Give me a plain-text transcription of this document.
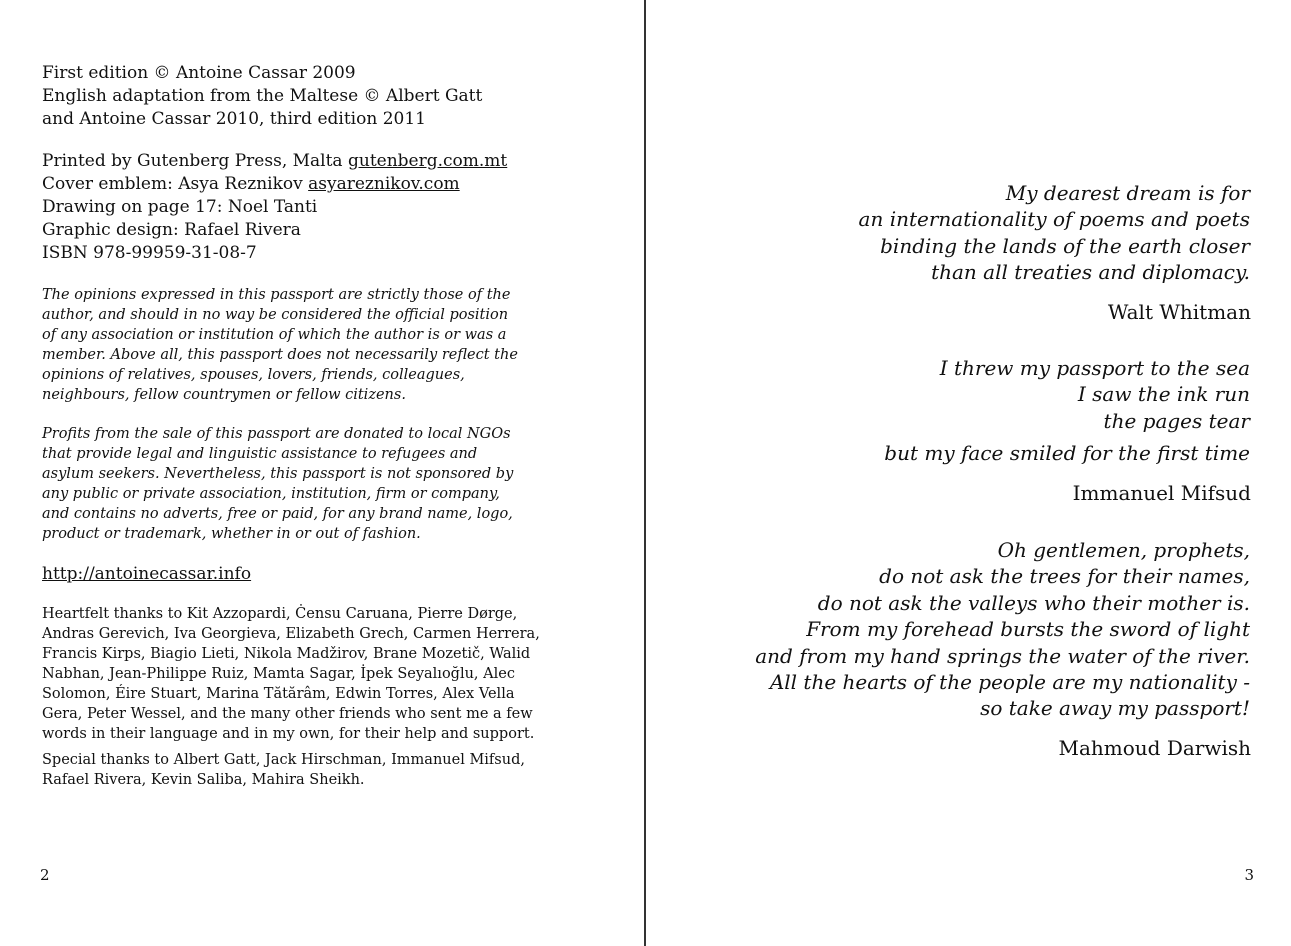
First edition © Antoine Cassar 2009
English adaptation from the Maltese © Albert Gatt
and Antoine Cassar 2010, third edition 2011
Printed by Gutenberg Press, Malta gutenberg.com.mt
Cover emblem: Asya Reznikov asyareznikov.com
Drawing on page 17: Noel Tanti
Graphic design: Rafael Rivera
ISBN 978-99959-31-08-7
The opinions expressed in this passport are strictly those of the
author, and should in no way be considered the official position
of any association or institution of which the author is or was a
member. Above all, this passport does not necessarily reflect the
opinions of relatives, spouses, lovers, friends, colleagues,
neighbours, fellow countrymen or fellow citizens.
Profits from the sale of this passport are donated to local NGOs
that provide legal and linguistic assistance to refugees and
asylum seekers. Nevertheless, this passport is not sponsored by
any public or private association, institution, firm or company,
and contains no adverts, free or paid, for any brand name, logo,
product or trademark, whether in or out of fashion.
http://antoinecassar.info
Heartfelt thanks to Kit Azzopardi, Ċensu Caruana, Pierre Dørge,
Andras Gerevich, Iva Georgieva, Elizabeth Grech, Carmen Herrera,
Francis Kirps, Biagio Lieti, Nikola Madžirov, Brane Mozetič, Walid
Nabhan, Jean-Philippe Ruiz, Mamta Sagar, İpek Seyalıoğlu, Alec
Solomon, Éire Stuart, Marina Tătărâm, Edwin Torres, Alex Vella
Gera, Peter Wessel, and the many other friends who sent me a few
words in their language and in my own, for their help and support.
Special thanks to Albert Gatt, Jack Hirschman, Immanuel Mifsud,
Rafael Rivera, Kevin Saliba, Mahira Sheikh.
2
My dearest dream is for
an internationality of poems and poets
binding the lands of the earth closer
than all treaties and diplomacy.
Walt Whitman
I threw my passport to the sea
I saw the ink run
the pages tear
but my face smiled for the first time
Immanuel Mifsud
Oh gentlemen, prophets,
do not ask the trees for their names,
do not ask the valleys who their mother is.
From my forehead bursts the sword of light
and from my hand springs the water of the river.
All the hearts of the people are my nationality -
so take away my passport!
Mahmoud Darwish
3
